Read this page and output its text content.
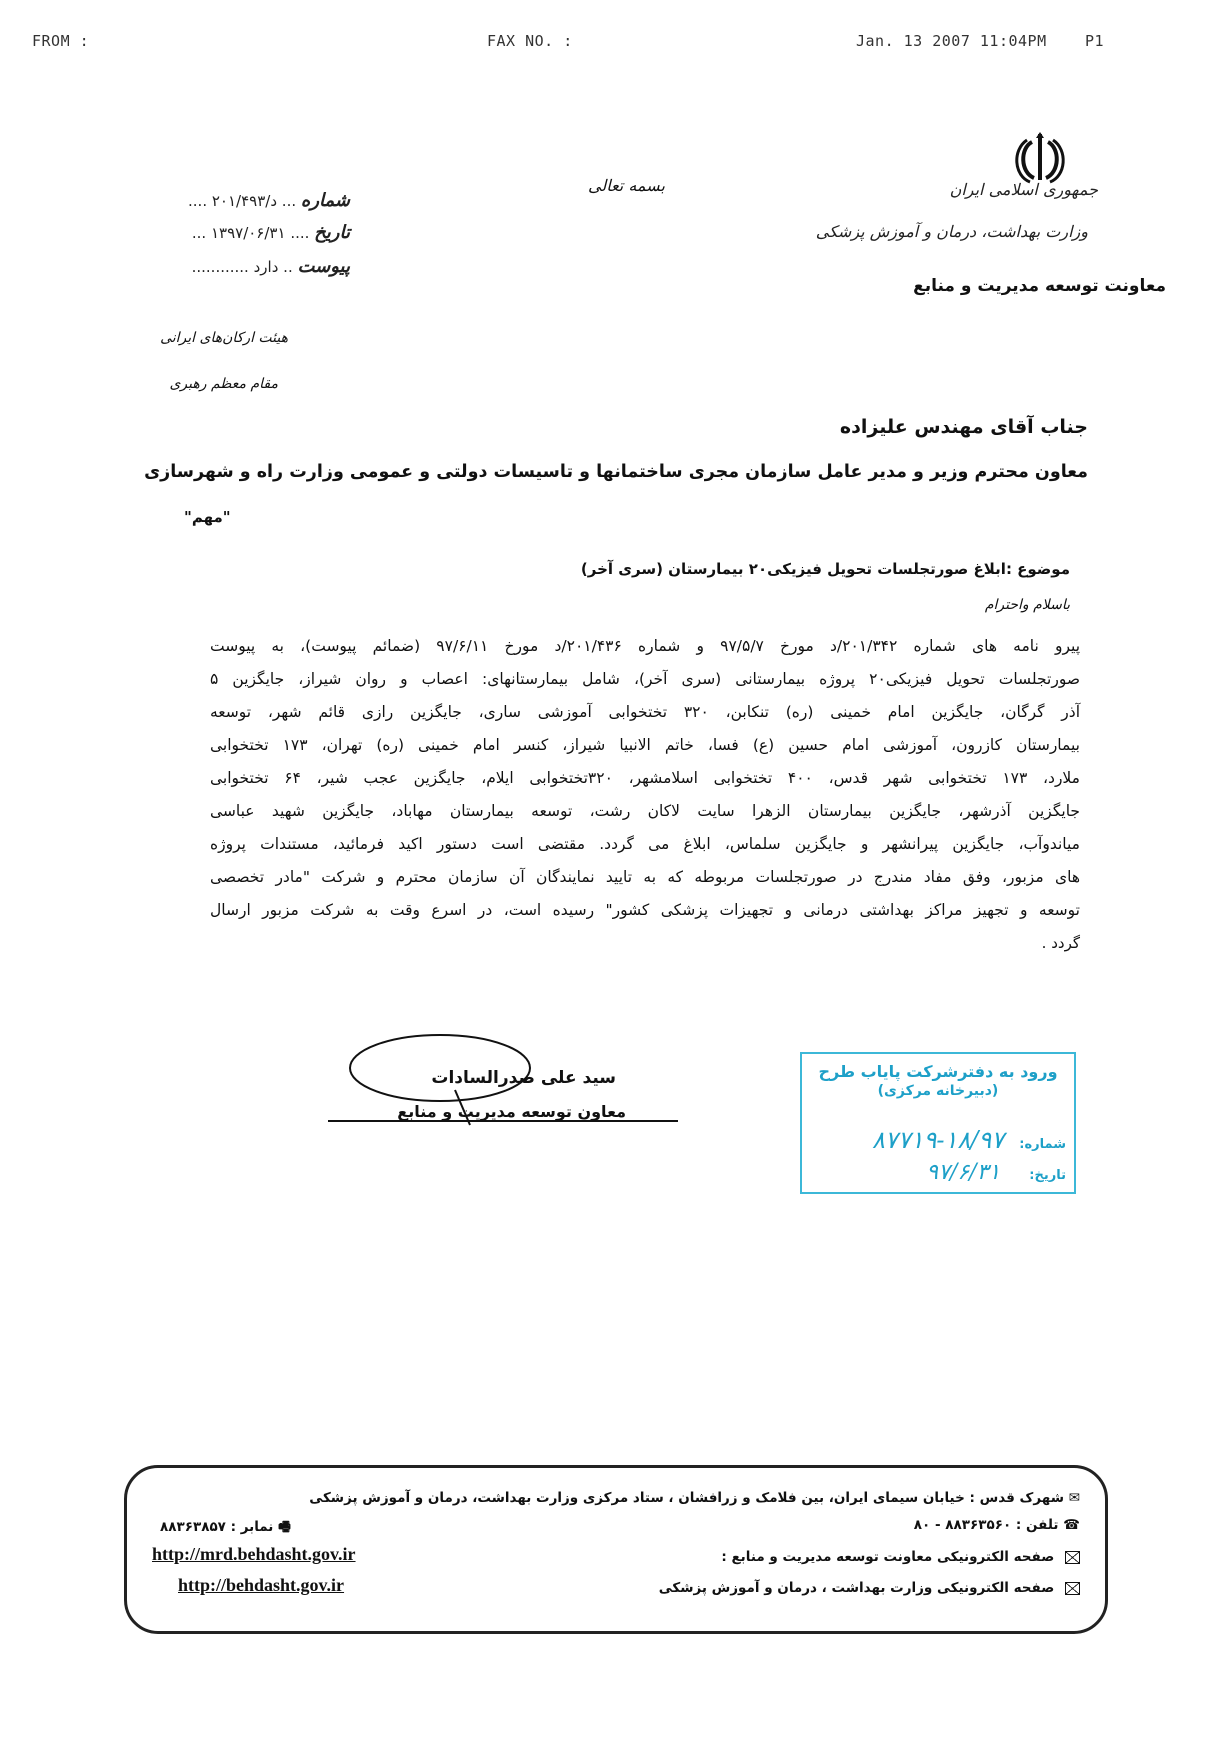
FROM :	FAX NO. :	Jan. 13 2007 11:04PM	P1
جمهوری اسلامی ایران
وزارت بهداشت، درمان و آموزش پزشکی
معاونت توسعه مدیریت و منابع
بسمه تعالی
شماره ... د/۲۰۱/۴۹۳ ....
تاریخ .... ۱۳۹۷/۰۶/۳۱ ...
پیوست .. دارد ............
هیئت ارکان‌های ایرانی
مقام معظم رهبری
جناب آقای مهندس علیزاده
معاون محترم وزیر و مدیر عامل سازمان مجری ساختمانها و تاسیسات دولتی و عمومی وزارت راه و شهرسازی
"مهم"
موضوع :ابلاغ صورتجلسات تحویل فیزیکی۲۰ بیمارستان (سری آخر)
باسلام واحترام
پیرو نامه های شماره ۲۰۱/۳۴۲/د مورخ ۹۷/۵/۷ و شماره ۲۰۱/۴۳۶/د مورخ ۹۷/۶/۱۱ (ضمائم پیوست)، به پیوست
صورتجلسات تحویل فیزیکی۲۰ پروژه بیمارستانی (سری آخر)، شامل بیمارستانهای: اعصاب و روان شیراز، جایگزین ۵
آذر گرگان، جایگزین امام خمینی (ره) تنکابن، ۳۲۰ تختخوابی آموزشی ساری، جایگزین رازی قائم شهر، توسعه
بیمارستان کازرون، آموزشی امام حسین (ع) فسا، خاتم الانبیا شیراز، کنسر امام خمینی (ره) تهران، ۱۷۳ تختخوابی
ملارد، ۱۷۳ تختخوابی شهر قدس، ۴۰۰ تختخوابی اسلامشهر، ۳۲۰تختخوابی ایلام، جایگزین عجب شیر، ۶۴ تختخوابی
جایگزین آذرشهر، جایگزین بیمارستان الزهرا سایت لاکان رشت، توسعه بیمارستان مهاباد، جایگزین شهید عباسی
میاندوآب، جایگزین پیرانشهر و جایگزین سلماس، ابلاغ می گردد. مقتضی است دستور اکید فرمائید، مستندات پروژه
های مزبور، وفق مفاد مندرج در صورتجلسات مربوطه که به تایید نمایندگان آن سازمان محترم و شرکت "مادر تخصصی
توسعه و تجهیز مراکز بهداشتی درمانی و تجهیزات پزشکی کشور" رسیده است، در اسرع وقت به شرکت مزبور ارسال
گردد .
سید علی صدرالسادات
معاون توسعه مدیریت و منابع
ورود به دفترشرکت پایاب طرح
(دبیرخانه مرکزی)
شماره: ۱۸/۹۷-۸۷۷۱۹
تاریخ: ۹۷/۶/۳۱
✉ شهرک قدس : خیابان سیمای ایران، بین فلامک و زرافشان ، ستاد مرکزی وزارت بهداشت، درمان و آموزش پزشکی
☎ تلفن : ۸۸۳۶۳۵۶۰ - ۸۰
🖷 نمابر : ۸۸۳۶۳۸۵۷
صفحه الکترونیکی معاونت توسعه مدیریت و منابع :
http://mrd.behdasht.gov.ir
صفحه الکترونیکی وزارت بهداشت ، درمان و آموزش پزشکی
http://behdasht.gov.ir
